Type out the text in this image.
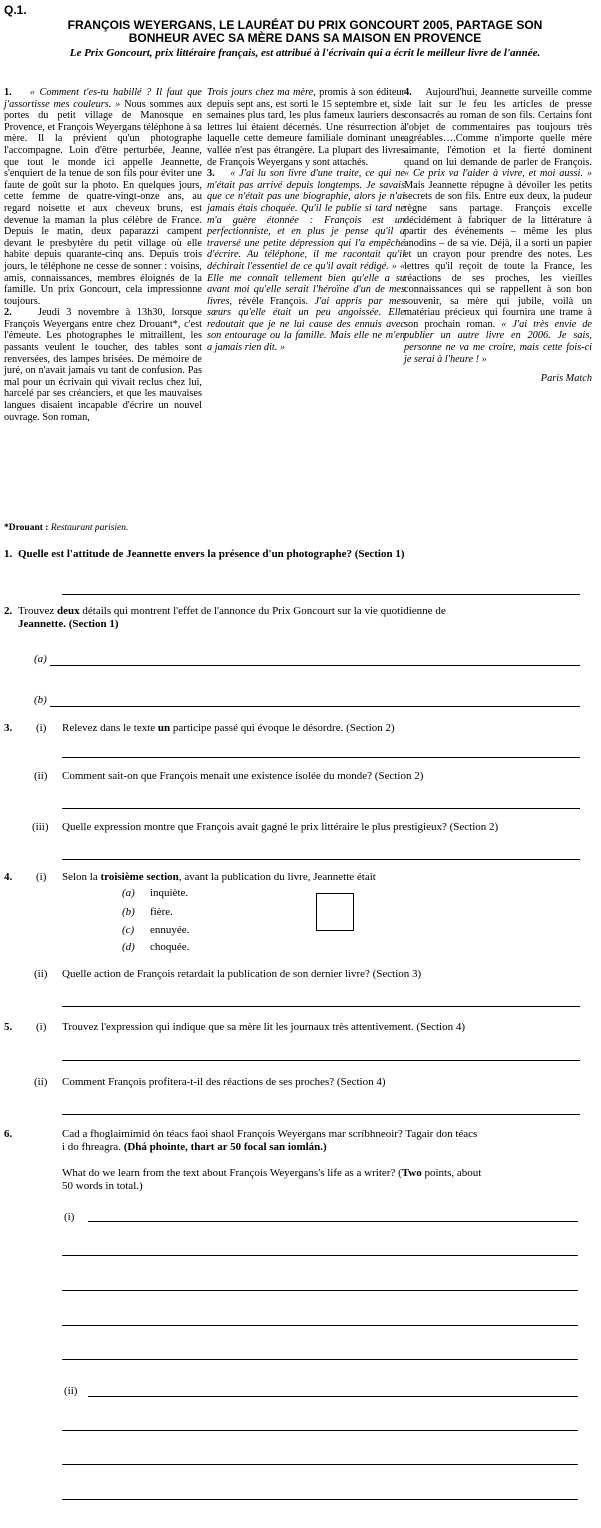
Q.1.
FRANÇOIS WEYERGANS, LE LAURÉAT DU PRIX GONCOURT 2005, PARTAGE SON
BONHEUR AVEC SA MÈRE DANS SA MAISON EN PROVENCE
Le Prix Goncourt, prix littéraire français, est attribué à l'écrivain qui a écrit le meilleur livre de l'année.

1. « Comment t'es-tu habillé ? Il faut que j'assortisse mes couleurs. » Nous sommes aux portes du petit village de Manosque en Provence, et François Weyergans téléphone à sa mère. Il la prévient qu'un photographe l'accompagne. Loin d'être perturbée, Jeanne, que tout le monde ici appelle Jeannette, s'enquiert de la tenue de son fils pour éviter une faute de goût sur la photo. En quelques jours, cette femme de quatre-vingt-onze ans, au regard noisette et aux cheveux bruns, est devenue la maman la plus célèbre de France. Depuis le matin, deux paparazzi campent devant le presbytère du petit village où elle habite depuis quarante-cinq ans. Depuis trois jours, le téléphone ne cesse de sonner : voisins, amis, connaissances, membres éloignés de la famille. Un prix Goncourt, cela impressionne toujours.

2.	Jeudi 3 novembre à 13h30, lorsque François Weyergans entre chez Drouant*, c'est l'émeute. Les photographes le mitraillent, les passants veulent le toucher, des tables sont renversées, des lampes brisées. De mémoire de juré, on n'avait jamais vu tant de confusion. Pas mal pour un écrivain qui vivait reclus chez lui, harcelé par ses créanciers, et que les mauvaises langues disaient incapable d'écrire un nouvel ouvrage. Son roman,

Trois jours chez ma mère, promis à son éditeur depuis sept ans, est sorti le 15 septembre et, six semaines plus tard, les plus fameux lauriers des lettres lui étaient décernés. Une résurrection à laquelle cette demeure familiale dominant une vallée n'est pas étrangère. La plupart des livres de François Weyergans y sont attachés.

3. « J'ai lu son livre d'une traite, ce qui ne m'était pas arrivé depuis longtemps. Je savais que ce n'était pas une biographie, alors je n'ai jamais étais choquée. Qu'il le publie si tard ne m'a guère étonnée : François est un perfectionniste, et en plus je pense qu'il a traversé une petite dépression qui l'a empêché d'écrire. Au téléphone, il me racontait qu'il déchirait l'essentiel de ce qu'il avait rédigé. » « Elle me connaît tellement bien qu'elle a su avant moi qu'elle serait l'héroïne d'un de mes livres, révèle François. J'ai appris par mes sœurs qu'elle était un peu angoissée. Elle redoutait que je ne lui cause des ennuis avec son entourage ou la famille. Mais elle ne m'en a jamais rien dit. »

4. Aujourd'hui, Jeannette surveille comme le lait sur le feu les articles de presse consacrés au roman de son fils. Certains font l'objet de commentaires pas toujours très agréables….Comme n'importe quelle mère aimante, l'émotion et la fierté dominent quand on lui demande de parler de François. « Ce prix va l'aider à vivre, et moi aussi. » Mais Jeannette répugne à dévoiler les petits secrets de son fils. Entre eux deux, la pudeur règne sans partage. François excelle décidément à fabriquer de la littérature à partir des événements – même les plus anodins – de sa vie. Déjà, il a sorti un papier et un crayon pour prendre des notes. Les lettres qu'il reçoit de toute la France, les réactions de ses proches, les vieilles connaissances qui se rappellent à son bon souvenir, sa mère qui jubile, voilà un matériau précieux qui fournira une trame à son prochain roman. « J'ai très envie de publier un autre livre en 2006. Je sais, personne ne va me croire, mais cette fois-ci je serai à l'heure ! »

Paris Match

*Drouant : Restaurant parisien.
1. Quelle est l'attitude de Jeannette envers la présence d'un photographe? (Section 1)
2. Trouvez deux détails qui montrent l'effet de l'annonce du Prix Goncourt sur la vie quotidienne de
Jeannette. (Section 1)
(a)
(b)
3. (i) Relevez dans le texte un participe passé qui évoque le désordre. (Section 2)
(ii) Comment sait-on que François menait une existence isolée du monde? (Section 2)
(iii) Quelle expression montre que François avait gagné le prix littéraire le plus prestigieux? (Section 2)
4. (i) Selon la troisième section, avant la publication du livre, Jeannette était
(a) inquiète.
(b) fière.
(c) ennuyée.
(d) choquée.
(ii) Quelle action de François retardait la publication de son dernier livre? (Section 3)
5. (i) Trouvez l'expression qui indique que sa mère lit les journaux très attentivement. (Section 4)
(ii) Comment François profitera-t-il des réactions de ses proches? (Section 4)
6.	Cad a fhoglaimímid ón téacs faoi shaol François Weyergans mar scríbhneoir? Tagair don téacs
i do fhreagra. (Dhá phointe, thart ar 50 focal san iomlán.)
What do we learn from the text about François Weyergans's life as a writer? (Two points, about
50 words in total.)
(i)
(ii)
